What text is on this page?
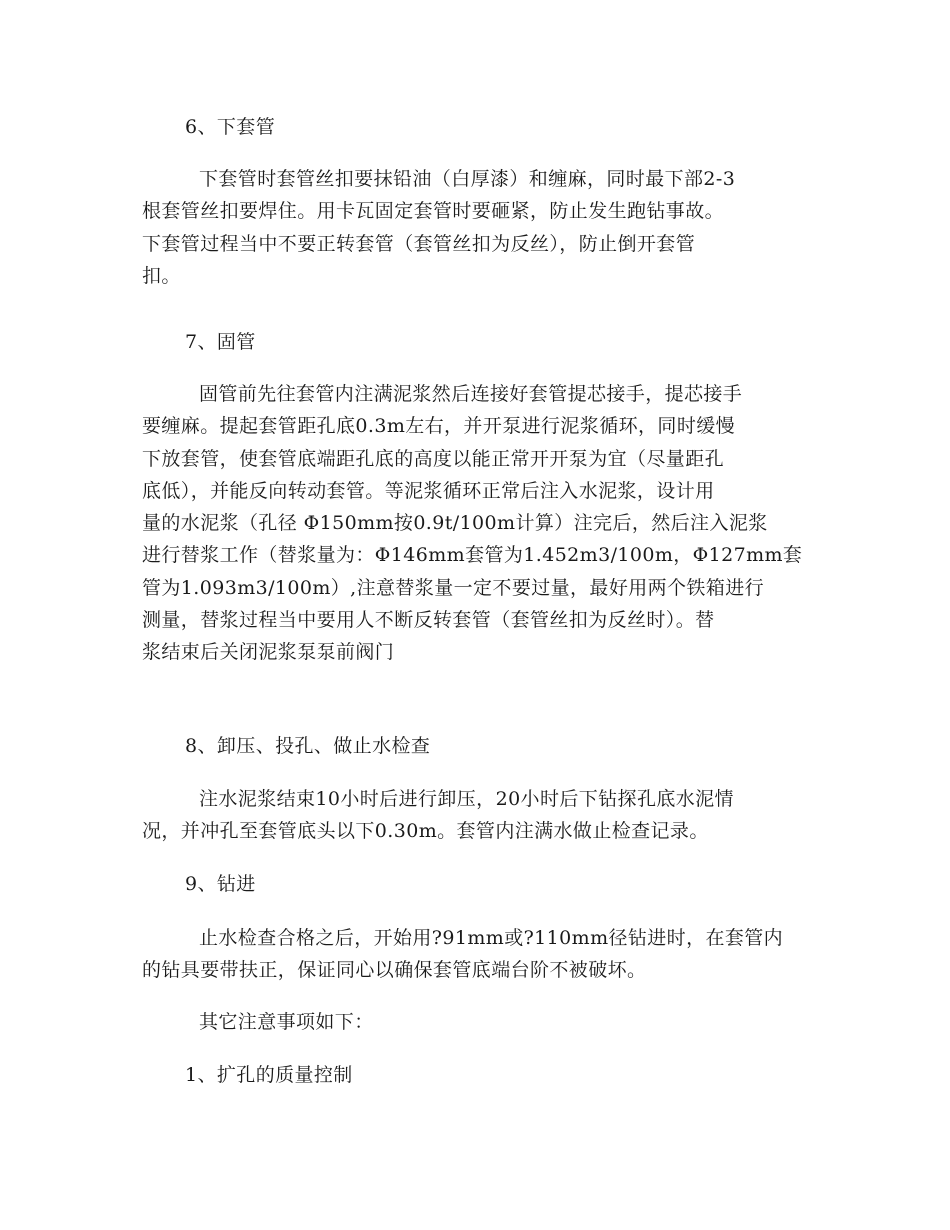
6、下套管
下套管时套管丝扣要抹铅油（白厚漆）和缠麻，同时最下部2-3
根套管丝扣要焊住。用卡瓦固定套管时要砸紧，防止发生跑钻事故。
下套管过程当中不要正转套管（套管丝扣为反丝），防止倒开套管
扣。
7、固管
固管前先往套管内注满泥浆然后连接好套管提芯接手，提芯接手
要缠麻。提起套管距孔底0.3m左右，并开泵进行泥浆循环，同时缓慢
下放套管，使套管底端距孔底的高度以能正常开开泵为宜（尽量距孔
底低），并能反向转动套管。等泥浆循环正常后注入水泥浆，设计用
量的水泥浆（孔径 Φ150mm按0.9t/100m计算）注完后，然后注入泥浆
进行替浆工作（替浆量为：Φ146mm套管为1.452m3/100m，Φ127mm套
管为1.093m3/100m）,注意替浆量一定不要过量，最好用两个铁箱进行
测量，替浆过程当中要用人不断反转套管（套管丝扣为反丝时）。替
浆结束后关闭泥浆泵泵前阀门
8、卸压、投孔、做止水检查
注水泥浆结束10小时后进行卸压，20小时后下钻探孔底水泥情
况，并冲孔至套管底头以下0.30m。套管内注满水做止检查记录。
9、钻进
止水检查合格之后，开始用?91mm或?110mm径钻进时，在套管内
的钻具要带扶正，保证同心以确保套管底端台阶不被破坏。
其它注意事项如下：
1、扩孔的质量控制
